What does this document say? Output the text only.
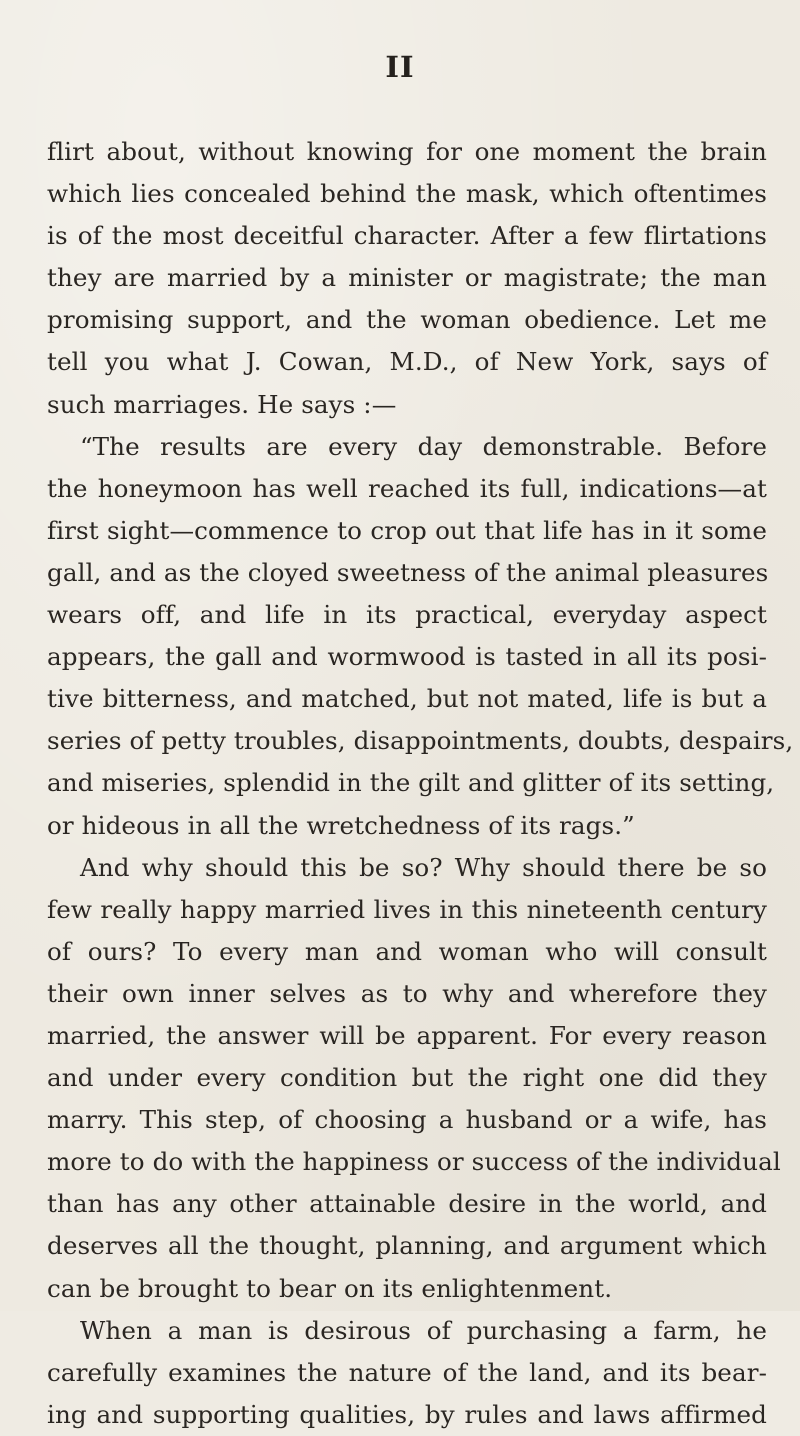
II
flirt about, without knowing for one moment the brain
which lies concealed behind the mask, which oftentimes
is of the most deceitful character. After a few flirtations
they are married by a minister or magistrate; the man
promising support, and the woman obedience. Let me
tell you what J. Cowan, M.D., of New York, says of
such marriages. He says :—
“The results are every day demonstrable. Before
the honeymoon has well reached its full, indications—at
first sight—commence to crop out that life has in it some
gall, and as the cloyed sweetness of the animal pleasures
wears off, and life in its practical, everyday aspect
appears, the gall and wormwood is tasted in all its posi-
tive bitterness, and matched, but not mated, life is but a
series of petty troubles, disappointments, doubts, despairs,
and miseries, splendid in the gilt and glitter of its setting,
or hideous in all the wretchedness of its rags.”
And why should this be so? Why should there be so
few really happy married lives in this nineteenth century
of ours? To every man and woman who will consult
their own inner selves as to why and wherefore they
married, the answer will be apparent. For every reason
and under every condition but the right one did they
marry. This step, of choosing a husband or a wife, has
more to do with the happiness or success of the individual
than has any other attainable desire in the world, and
deserves all the thought, planning, and argument which
can be brought to bear on its enlightenment.
When a man is desirous of purchasing a farm, he
carefully examines the nature of the land, and its bear-
ing and supporting qualities, by rules and laws affirmed
